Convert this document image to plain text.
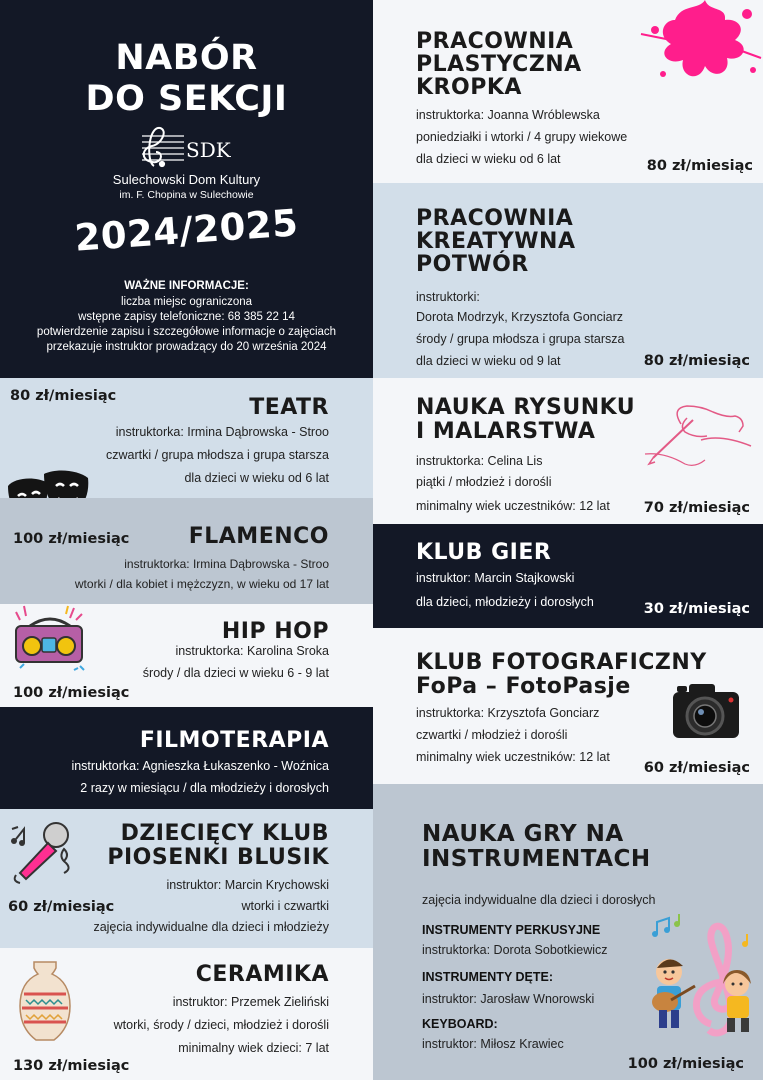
NABÓR
DO SEKCJI
SDK
Sulechowski Dom Kultury
im. F. Chopina w Sulechowie
2024/2025
WAŻNE INFORMACJE:
liczba miejsc ograniczona
wstępne zapisy telefoniczne: 68 385 22 14
potwierdzenie zapisu i szczegółowe informacje o zajęciach
przekazuje instruktor prowadzący do 20 września 2024
80 zł/miesiąc	TEATR
instruktorka: Irmina Dąbrowska - Stroo
czwartki / grupa młodsza i grupa starsza
dla dzieci w wieku od 6 lat
100 zł/miesiąc	FLAMENCO
instruktorka: Irmina Dąbrowska - Stroo
wtorki / dla kobiet i mężczyzn, w wieku od 17 lat
HIP HOP
instruktorka: Karolina Sroka
środy / dla dzieci w wieku 6 - 9 lat
100 zł/miesiąc
FILMOTERAPIA
instruktorka: Agnieszka Łukaszenko - Woźnica
2 razy w miesiącu / dla młodzieży i dorosłych
DZIECIĘCY KLUB
PIOSENKI BLUSIK
60 zł/miesiąc
instruktor: Marcin Krychowski
wtorki i czwartki
zajęcia indywidualne dla dzieci i młodzieży
CERAMIKA
instruktor: Przemek Zieliński
wtorki, środy / dzieci, młodzież i dorośli
minimalny wiek dzieci: 7 lat
130 zł/miesiąc
PRACOWNIA
PLASTYCZNA
KROPKA
instruktorka: Joanna Wróblewska
poniedziałki i wtorki / 4 grupy wiekowe
dla dzieci w wieku od 6 lat	80 zł/miesiąc
PRACOWNIA
KREATYWNA
POTWÓR
instruktorki:
Dorota Modrzyk, Krzysztofa Gonciarz
środy / grupa młodsza i grupa starsza
dla dzieci w wieku od 9 lat	80 zł/miesiąc
NAUKA RYSUNKU
I MALARSTWA
instruktorka: Celina Lis
piątki / młodzież i dorośli
minimalny wiek uczestników: 12 lat 70 zł/miesiąc
KLUB GIER
instruktor: Marcin Stajkowski
dla dzieci, młodzieży i dorosłych	30 zł/miesiąc
KLUB FOTOGRAFICZNY
FoPa – FotoPasje
instruktorka: Krzysztofa Gonciarz
czwartki / młodzież i dorośli
minimalny wiek uczestników: 12 lat
60 zł/miesiąc
NAUKA GRY NA
INSTRUMENTACH
zajęcia indywidualne dla dzieci i dorosłych
INSTRUMENTY PERKUSYJNE
instruktorka: Dorota Sobotkiewicz
INSTRUMENTY DĘTE:
instruktor: Jarosław Wnorowski
KEYBOARD:
instruktor: Miłosz Krawiec
100 zł/miesiąc
